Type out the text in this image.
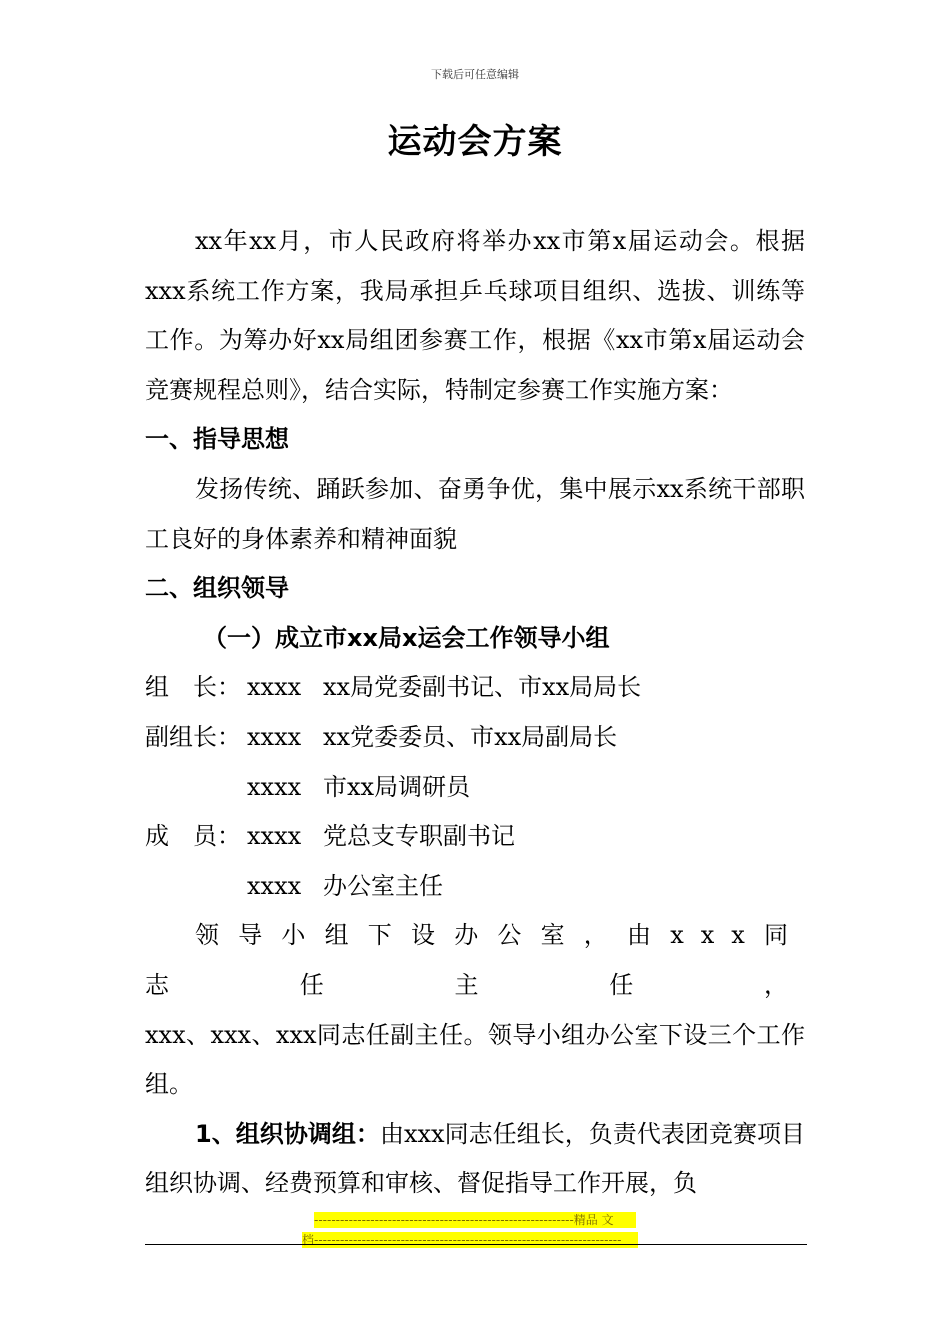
下载后可任意编辑
运动会方案

xx年xx月，市人民政府将举办xx市第x届运动会。根据xxx系统工作方案，我局承担乒乓球项目组织、选拔、训练等工作。为筹办好xx局组团参赛工作，根据《xx市第x届运动会竞赛规程总则》，结合实际，特制定参赛工作实施方案：

一、指导思想

发扬传统、踊跃参加、奋勇争优，集中展示xx系统干部职工良好的身体素养和精神面貌

二、组织领导

（一）成立市xx局x运会工作领导小组

组　长： xxxx xx局党委副书记、市xx局局长
副组长： xxxx xx党委委员、市xx局副局长
xxxx 市xx局调研员
成　员： xxxx 党总支专职副书记
xxxx 办公室主任

领导小组下设办公室，由xxx同志任主任，

xxx、xxx、xxx同志任副主任。领导小组办公室下设三个工作组。

1、组织协调组：由xxx同志任组长，负责代表团竞赛项目组织协调、经费预算和审核、督促指导工作开展，负

------------------------------------------------------------精品 文
档-----------------------------------------------------------------------
